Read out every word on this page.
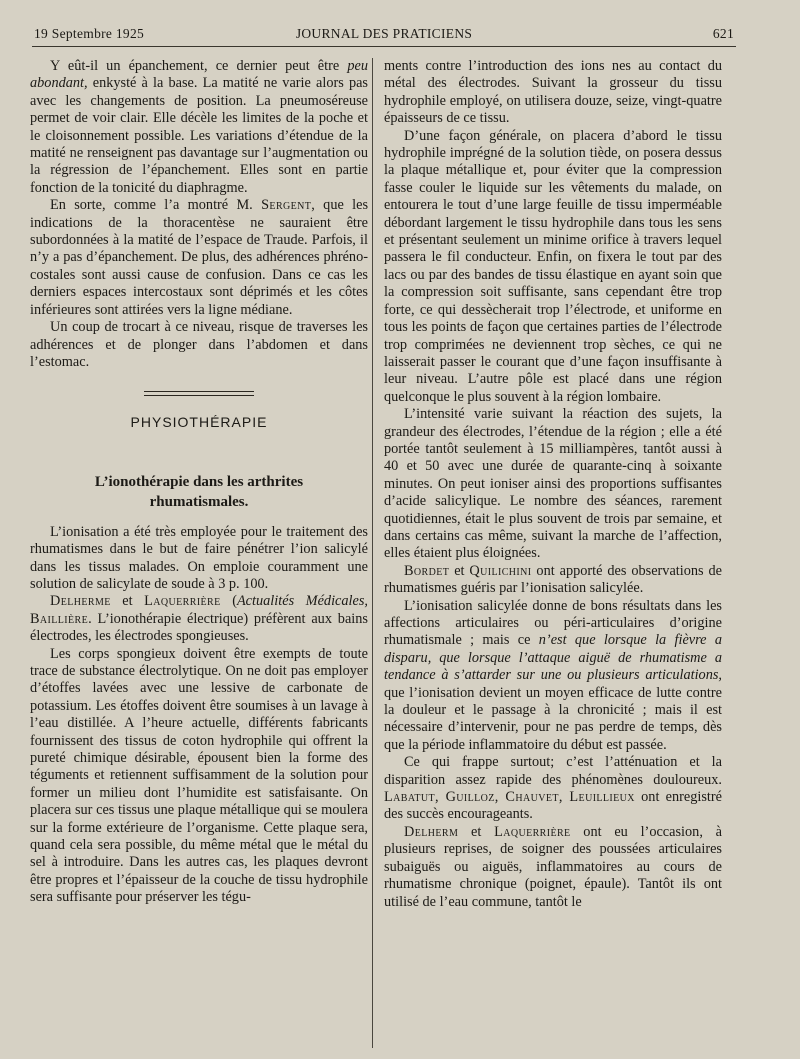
19 Septembre 1925	JOURNAL DES PRATICIENS	621

Y eût-il un épanchement, ce dernier peut être peu abondant, enkysté à la base. La matité ne varie alors pas avec les changements de position. La pneumoséreuse permet de voir clair. Elle décèle les limites de la poche et le cloisonnement possible. Les variations d’étendue de la matité ne renseignent pas davantage sur l’augmentation ou la régression de l’épanchement. Elles sont en partie fonction de la tonicité du diaphragme.

En sorte, comme l’a montré M. Sergent, que les indications de la thoracentèse ne sauraient être subordonnées à la matité de l’espace de Traude. Parfois, il n’y a pas d’épanchement. De plus, des adhérences phréno-costales sont aussi cause de confusion. Dans ce cas les derniers espaces intercostaux sont déprimés et les côtes inférieures sont attirées vers la ligne médiane.

Un coup de trocart à ce niveau, risque de traverses les adhérences et de plonger dans l’abdomen et dans l’estomac.

PHYSIOTHÉRAPIE
L’ionothérapie dans les arthrites
rhumatismales.

L’ionisation a été très employée pour le traitement des rhumatismes dans le but de faire pénétrer l’ion salicylé dans les tissus malades. On emploie couramment une solution de salicylate de soude à 3 p. 100.

Delherme et Laquerrière (Actualités Médicales, Baillière. L’ionothérapie électrique) préfèrent aux bains électrodes, les électrodes spongieuses.

Les corps spongieux doivent être exempts de toute trace de substance électrolytique. On ne doit pas employer d’étoffes lavées avec une lessive de carbonate de potassium. Les étoffes doivent être soumises à un lavage à l’eau distillée. A l’heure actuelle, différents fabricants fournissent des tissus de coton hydrophile qui offrent la pureté chimique désirable, épousent bien la forme des téguments et retiennent suffisamment de la solution pour former un milieu dont l’humidite est satisfaisante. On placera sur ces tissus une plaque métallique qui se moulera sur la forme extérieure de l’organisme. Cette plaque sera, quand cela sera possible, du même métal que le métal du sel à introduire. Dans les autres cas, les plaques devront être propres et l’épaisseur de la couche de tissu hydrophile sera suffisante pour préserver les tégu-

ments contre l’introduction des ions nes au contact du métal des électrodes. Suivant la grosseur du tissu hydrophile employé, on utilisera douze, seize, vingt-quatre épaisseurs de ce tissu.

D’une façon générale, on placera d’abord le tissu hydrophile imprégné de la solution tiède, on posera dessus la plaque métallique et, pour éviter que la compression fasse couler le liquide sur les vêtements du malade, on entourera le tout d’une large feuille de tissu imperméable débordant largement le tissu hydrophile dans tous les sens et présentant seulement un minime orifice à travers lequel passera le fil conducteur. Enfin, on fixera le tout par des lacs ou par des bandes de tissu élastique en ayant soin que la compression soit suffisante, sans cependant être trop forte, ce qui dessècherait trop l’électrode, et uniforme en tous les points de façon que certaines parties de l’électrode trop comprimées ne deviennent trop sèches, ce qui ne laisserait passer le courant que d’une façon insuffisante à leur niveau. L’autre pôle est placé dans une région quelconque le plus souvent à la région lombaire.

L’intensité varie suivant la réaction des sujets, la grandeur des électrodes, l’étendue de la région ; elle a été portée tantôt seulement à 15 milliampères, tantôt aussi à 40 et 50 avec une durée de quarante-cinq à soixante minutes. On peut ioniser ainsi des proportions suffisantes d’acide salicylique. Le nombre des séances, rarement quotidiennes, était le plus souvent de trois par semaine, et dans certains cas même, suivant la marche de l’affection, elles étaient plus éloignées.

Bordet et Quilichini ont apporté des observations de rhumatismes guéris par l’ionisation salicylée.

L’ionisation salicylée donne de bons résultats dans les affections articulaires ou péri-articulaires d’origine rhumatismale ; mais ce n’est que lorsque la fièvre a disparu, que lorsque l’attaque aiguë de rhumatisme a tendance à s’attarder sur une ou plusieurs articulations, que l’ionisation devient un moyen efficace de lutte contre la douleur et le passage à la chronicité ; mais il est nécessaire d’intervenir, pour ne pas perdre de temps, dès que la période inflammatoire du début est passée.

Ce qui frappe surtout; c’est l’atténuation et la disparition assez rapide des phénomènes douloureux. Labatut, Guilloz, Chauvet, Leuillieux ont enregistré des succès encourageants.

Delherm et Laquerrière ont eu l’occasion, à plusieurs reprises, de soigner des poussées articulaires subaiguës ou aiguës, inflammatoires au cours de rhumatisme chronique (poignet, épaule). Tantôt ils ont utilisé de l’eau commune, tantôt le
